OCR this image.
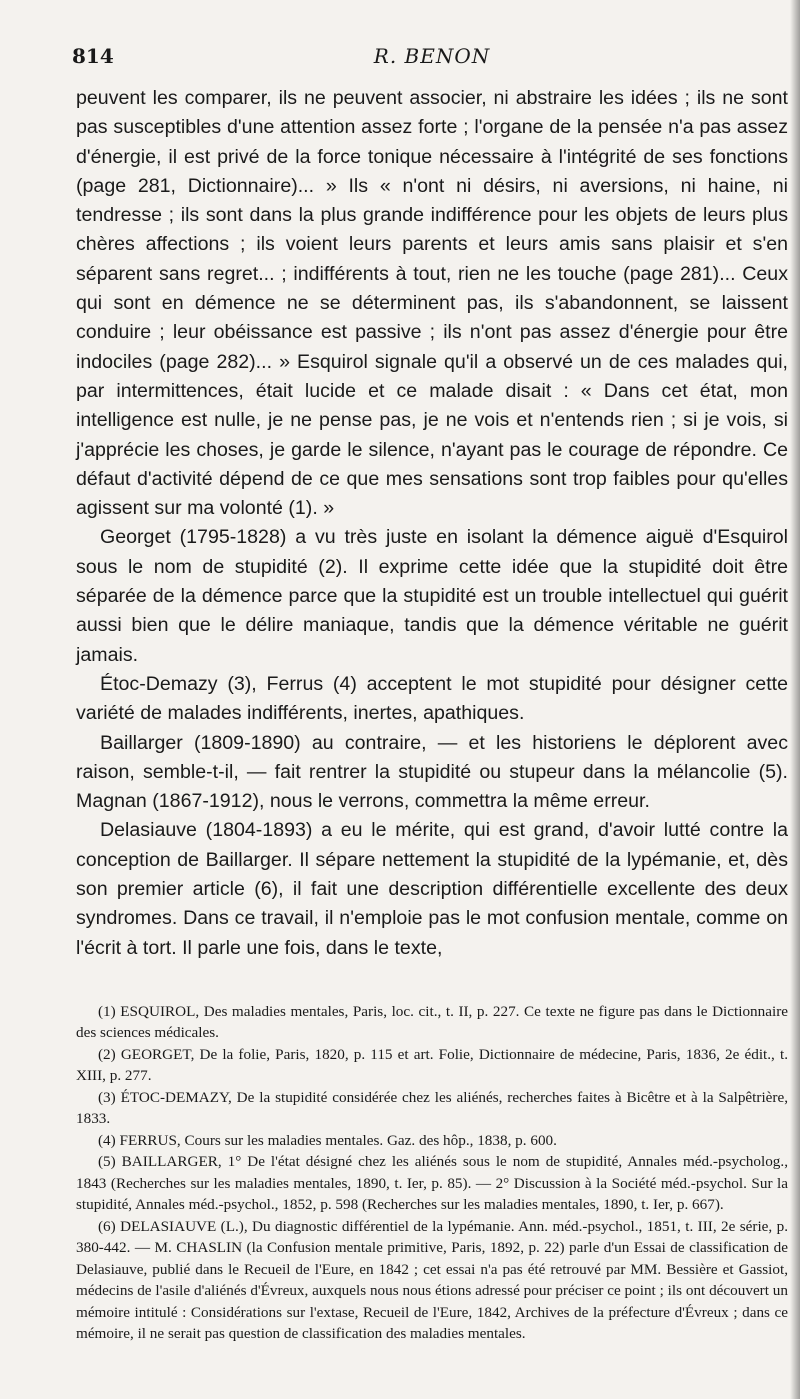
814	R. BENON

peuvent les comparer, ils ne peuvent associer, ni abstraire les idées ; ils ne sont pas susceptibles d'une attention assez forte ; l'organe de la pensée n'a pas assez d'énergie, il est privé de la force tonique nécessaire à l'intégrité de ses fonctions (page 281, Dictionnaire)... » Ils « n'ont ni désirs, ni aversions, ni haine, ni tendresse ; ils sont dans la plus grande indifférence pour les objets de leurs plus chères affections ; ils voient leurs parents et leurs amis sans plaisir et s'en séparent sans regret... ; indifférents à tout, rien ne les touche (page 281)... Ceux qui sont en démence ne se déterminent pas, ils s'abandonnent, se laissent conduire ; leur obéissance est passive ; ils n'ont pas assez d'énergie pour être indociles (page 282)... » Esquirol signale qu'il a observé un de ces malades qui, par intermittences, était lucide et ce malade disait : « Dans cet état, mon intelligence est nulle, je ne pense pas, je ne vois et n'entends rien ; si je vois, si j'apprécie les choses, je garde le silence, n'ayant pas le courage de répondre. Ce défaut d'activité dépend de ce que mes sensations sont trop faibles pour qu'elles agissent sur ma volonté (1). »

Georget (1795-1828) a vu très juste en isolant la démence aiguë d'Esquirol sous le nom de stupidité (2). Il exprime cette idée que la stupidité doit être séparée de la démence parce que la stupidité est un trouble intellectuel qui guérit aussi bien que le délire maniaque, tandis que la démence véritable ne guérit jamais.

Étoc-Demazy (3), Ferrus (4) acceptent le mot stupidité pour désigner cette variété de malades indifférents, inertes, apathiques.

Baillarger (1809-1890) au contraire, — et les historiens le déplorent avec raison, semble-t-il, — fait rentrer la stupidité ou stupeur dans la mélancolie (5). Magnan (1867-1912), nous le verrons, commettra la même erreur.

Delasiauve (1804-1893) a eu le mérite, qui est grand, d'avoir lutté contre la conception de Baillarger. Il sépare nettement la stupidité de la lypémanie, et, dès son premier article (6), il fait une description différentielle excellente des deux syndromes. Dans ce travail, il n'emploie pas le mot confusion mentale, comme on l'écrit à tort. Il parle une fois, dans le texte,

(1) ESQUIROL, Des maladies mentales, Paris, loc. cit., t. II, p. 227. Ce texte ne figure pas dans le Dictionnaire des sciences médicales.

(2) GEORGET, De la folie, Paris, 1820, p. 115 et art. Folie, Dictionnaire de médecine, Paris, 1836, 2e édit., t. XIII, p. 277.

(3) ÉTOC-DEMAZY, De la stupidité considérée chez les aliénés, recherches faites à Bicêtre et à la Salpêtrière, 1833.

(4) FERRUS, Cours sur les maladies mentales. Gaz. des hôp., 1838, p. 600.

(5) BAILLARGER, 1° De l'état désigné chez les aliénés sous le nom de stupidité, Annales méd.-psycholog., 1843 (Recherches sur les maladies mentales, 1890, t. Ier, p. 85). — 2° Discussion à la Société méd.-psychol. Sur la stupidité, Annales méd.-psychol., 1852, p. 598 (Recherches sur les maladies mentales, 1890, t. Ier, p. 667).

(6) DELASIAUVE (L.), Du diagnostic différentiel de la lypémanie. Ann. méd.-psychol., 1851, t. III, 2e série, p. 380-442. — M. CHASLIN (la Confusion mentale primitive, Paris, 1892, p. 22) parle d'un Essai de classification de Delasiauve, publié dans le Recueil de l'Eure, en 1842 ; cet essai n'a pas été retrouvé par MM. Bessière et Gassiot, médecins de l'asile d'aliénés d'Évreux, auxquels nous nous étions adressé pour préciser ce point ; ils ont découvert un mémoire intitulé : Considérations sur l'extase, Recueil de l'Eure, 1842, Archives de la préfecture d'Évreux ; dans ce mémoire, il ne serait pas question de classification des maladies mentales.
